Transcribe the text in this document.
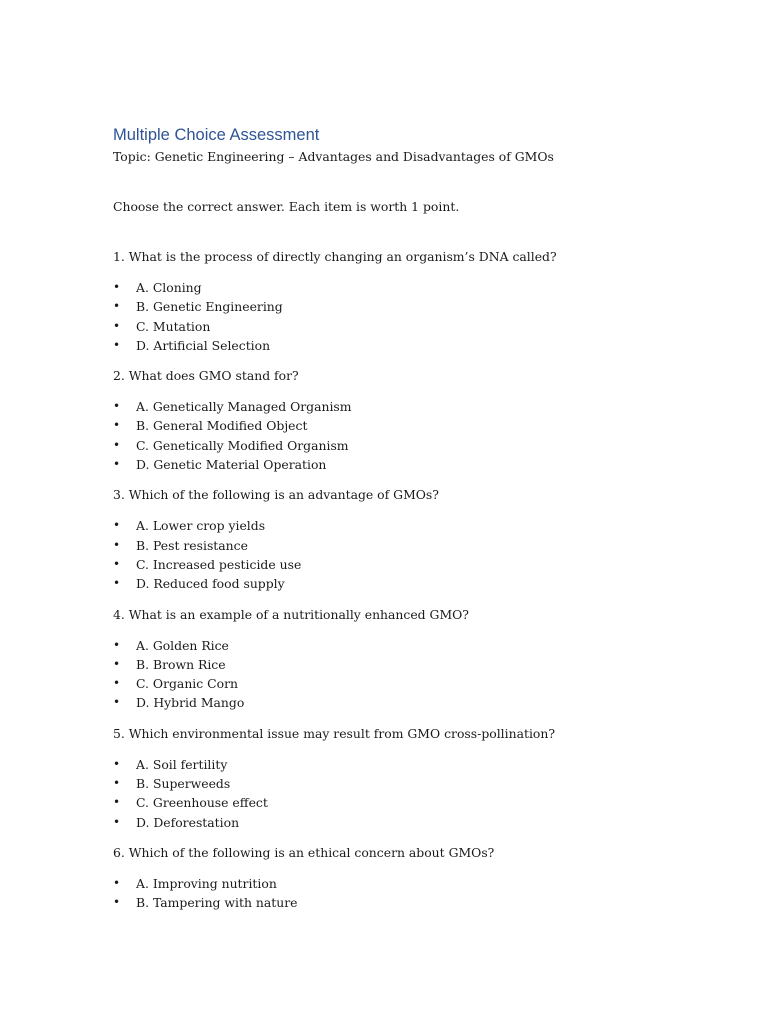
Multiple Choice Assessment

Topic: Genetic Engineering – Advantages and Disadvantages of GMOs

Choose the correct answer. Each item is worth 1 point.

1. What is the process of directly changing an organism’s DNA called?

• A. Cloning
• B. Genetic Engineering
• C. Mutation
• D. Artificial Selection

2. What does GMO stand for?

• A. Genetically Managed Organism
• B. General Modified Object
• C. Genetically Modified Organism
• D. Genetic Material Operation

3. Which of the following is an advantage of GMOs?

• A. Lower crop yields
• B. Pest resistance
• C. Increased pesticide use
• D. Reduced food supply

4. What is an example of a nutritionally enhanced GMO?

• A. Golden Rice
• B. Brown Rice
• C. Organic Corn
• D. Hybrid Mango

5. Which environmental issue may result from GMO cross-pollination?

• A. Soil fertility
• B. Superweeds
• C. Greenhouse effect
• D. Deforestation

6. Which of the following is an ethical concern about GMOs?

• A. Improving nutrition
• B. Tampering with nature
